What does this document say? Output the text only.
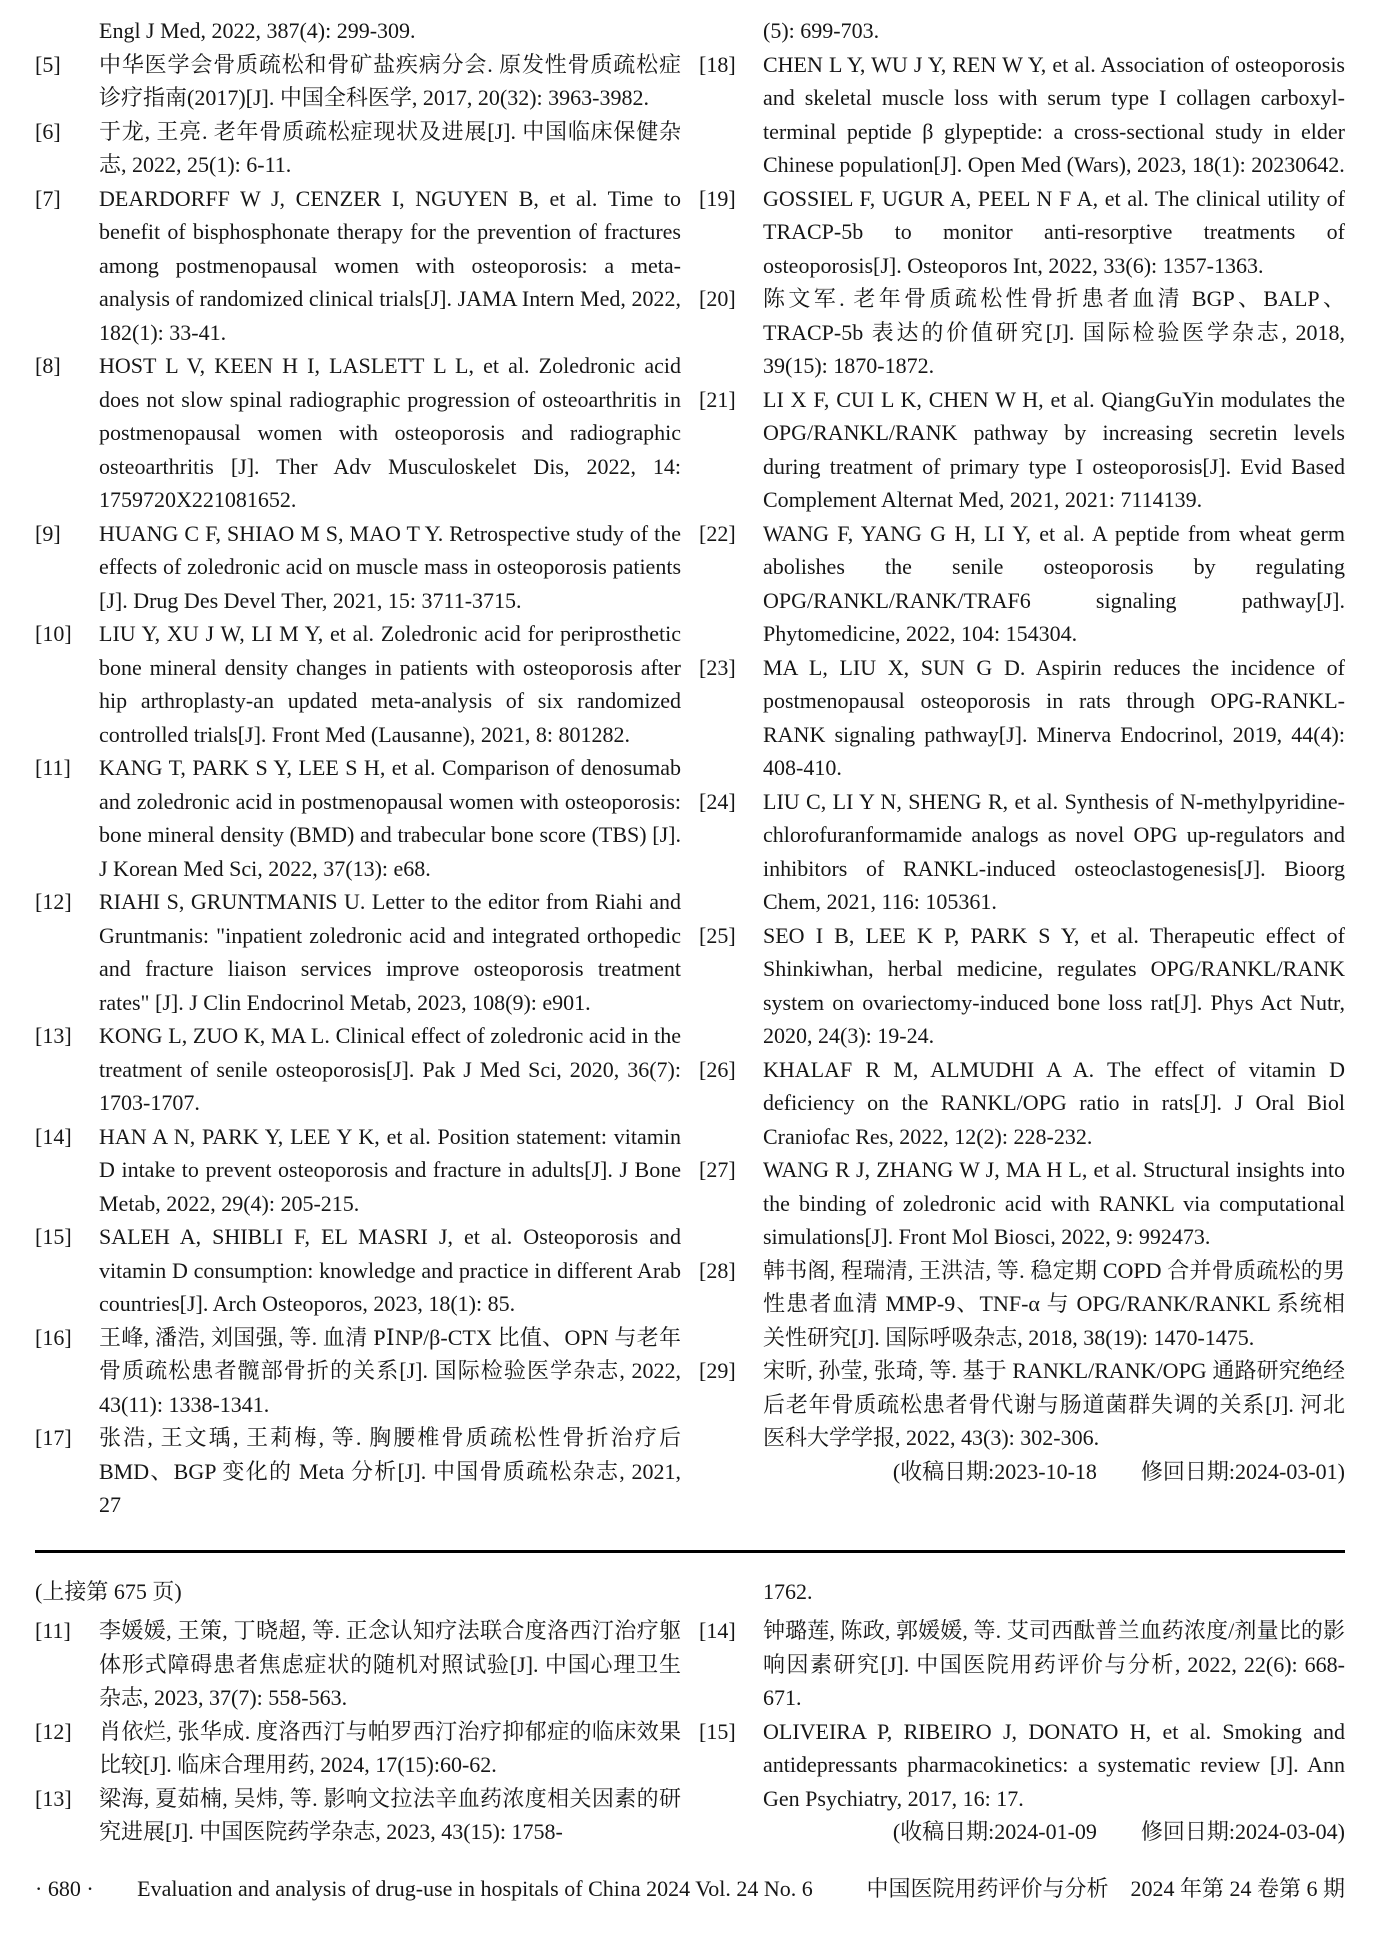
Engl J Med, 2022, 387(4): 299-309.
[5]	中华医学会骨质疏松和骨矿盐疾病分会. 原发性骨质疏松症诊疗指南(2017)[J]. 中国全科医学, 2017, 20(32): 3963-3982.
[6]	于龙, 王亮. 老年骨质疏松症现状及进展[J]. 中国临床保健杂志, 2022, 25(1): 6-11.
[7]	DEARDORFF W J, CENZER I, NGUYEN B, et al. Time to benefit of bisphosphonate therapy for the prevention of fractures among postmenopausal women with osteoporosis: a meta-analysis of randomized clinical trials[J]. JAMA Intern Med, 2022, 182(1): 33-41.
[8]	HOST L V, KEEN H I, LASLETT L L, et al. Zoledronic acid does not slow spinal radiographic progression of osteoarthritis in postmenopausal women with osteoporosis and radiographic osteoarthritis [J]. Ther Adv Musculoskelet Dis, 2022, 14: 1759720X221081652.
[9]	HUANG C F, SHIAO M S, MAO T Y. Retrospective study of the effects of zoledronic acid on muscle mass in osteoporosis patients [J]. Drug Des Devel Ther, 2021, 15: 3711-3715.
[10]	LIU Y, XU J W, LI M Y, et al. Zoledronic acid for periprosthetic bone mineral density changes in patients with osteoporosis after hip arthroplasty-an updated meta-analysis of six randomized controlled trials[J]. Front Med (Lausanne), 2021, 8: 801282.
[11]	KANG T, PARK S Y, LEE S H, et al. Comparison of denosumab and zoledronic acid in postmenopausal women with osteoporosis: bone mineral density (BMD) and trabecular bone score (TBS) [J]. J Korean Med Sci, 2022, 37(13): e68.
[12]	RIAHI S, GRUNTMANIS U. Letter to the editor from Riahi and Gruntmanis: "inpatient zoledronic acid and integrated orthopedic and fracture liaison services improve osteoporosis treatment rates" [J]. J Clin Endocrinol Metab, 2023, 108(9): e901.
[13]	KONG L, ZUO K, MA L. Clinical effect of zoledronic acid in the treatment of senile osteoporosis[J]. Pak J Med Sci, 2020, 36(7): 1703-1707.
[14]	HAN A N, PARK Y, LEE Y K, et al. Position statement: vitamin D intake to prevent osteoporosis and fracture in adults[J]. J Bone Metab, 2022, 29(4): 205-215.
[15]	SALEH A, SHIBLI F, EL MASRI J, et al. Osteoporosis and vitamin D consumption: knowledge and practice in different Arab countries[J]. Arch Osteoporos, 2023, 18(1): 85.
[16]	王峰, 潘浩, 刘国强, 等. 血清 PⅠNP/β-CTX 比值、OPN 与老年骨质疏松患者髋部骨折的关系[J]. 国际检验医学杂志, 2022, 43(11): 1338-1341.
[17]	张浩, 王文瑀, 王莉梅, 等. 胸腰椎骨质疏松性骨折治疗后 BMD、BGP 变化的 Meta 分析[J]. 中国骨质疏松杂志, 2021, 27
(5): 699-703.
[18]	CHEN L Y, WU J Y, REN W Y, et al. Association of osteoporosis and skeletal muscle loss with serum type I collagen carboxyl-terminal peptide β glypeptide: a cross-sectional study in elder Chinese population[J]. Open Med (Wars), 2023, 18(1): 20230642.
[19]	GOSSIEL F, UGUR A, PEEL N F A, et al. The clinical utility of TRACP-5b to monitor anti-resorptive treatments of osteoporosis[J]. Osteoporos Int, 2022, 33(6): 1357-1363.
[20]	陈文军. 老年骨质疏松性骨折患者血清 BGP、BALP、TRACP-5b 表达的价值研究[J]. 国际检验医学杂志, 2018, 39(15): 1870-1872.
[21]	LI X F, CUI L K, CHEN W H, et al. QiangGuYin modulates the OPG/RANKL/RANK pathway by increasing secretin levels during treatment of primary type I osteoporosis[J]. Evid Based Complement Alternat Med, 2021, 2021: 7114139.
[22]	WANG F, YANG G H, LI Y, et al. A peptide from wheat germ abolishes the senile osteoporosis by regulating OPG/RANKL/RANK/TRAF6 signaling pathway[J]. Phytomedicine, 2022, 104: 154304.
[23]	MA L, LIU X, SUN G D. Aspirin reduces the incidence of postmenopausal osteoporosis in rats through OPG-RANKL-RANK signaling pathway[J]. Minerva Endocrinol, 2019, 44(4): 408-410.
[24]	LIU C, LI Y N, SHENG R, et al. Synthesis of N-methylpyridine-chlorofuranformamide analogs as novel OPG up-regulators and inhibitors of RANKL-induced osteoclastogenesis[J]. Bioorg Chem, 2021, 116: 105361.
[25]	SEO I B, LEE K P, PARK S Y, et al. Therapeutic effect of Shinkiwhan, herbal medicine, regulates OPG/RANKL/RANK system on ovariectomy-induced bone loss rat[J]. Phys Act Nutr, 2020, 24(3): 19-24.
[26]	KHALAF R M, ALMUDHI A A. The effect of vitamin D deficiency on the RANKL/OPG ratio in rats[J]. J Oral Biol Craniofac Res, 2022, 12(2): 228-232.
[27]	WANG R J, ZHANG W J, MA H L, et al. Structural insights into the binding of zoledronic acid with RANKL via computational simulations[J]. Front Mol Biosci, 2022, 9: 992473.
[28]	韩书阁, 程瑞清, 王洪洁, 等. 稳定期 COPD 合并骨质疏松的男性患者血清 MMP-9、TNF-α 与 OPG/RANK/RANKL 系统相关性研究[J]. 国际呼吸杂志, 2018, 38(19): 1470-1475.
[29]	宋昕, 孙莹, 张琦, 等. 基于 RANKL/RANK/OPG 通路研究绝经后老年骨质疏松患者骨代谢与肠道菌群失调的关系[J]. 河北医科大学学报, 2022, 43(3): 302-306.
(收稿日期:2023-10-18　　修回日期:2024-03-01)
(上接第 675 页)
[11]	李媛媛, 王策, 丁晓超, 等. 正念认知疗法联合度洛西汀治疗躯体形式障碍患者焦虑症状的随机对照试验[J]. 中国心理卫生杂志, 2023, 37(7): 558-563.
[12]	肖依烂, 张华成. 度洛西汀与帕罗西汀治疗抑郁症的临床效果比较[J]. 临床合理用药, 2024, 17(15):60-62.
[13]	梁海, 夏茹楠, 吴炜, 等. 影响文拉法辛血药浓度相关因素的研究进展[J]. 中国医院药学杂志, 2023, 43(15): 1758-
1762.
[14]	钟璐莲, 陈政, 郭媛媛, 等. 艾司西酞普兰血药浓度/剂量比的影响因素研究[J]. 中国医院用药评价与分析, 2022, 22(6): 668-671.
[15]	OLIVEIRA P, RIBEIRO J, DONATO H, et al. Smoking and antidepressants pharmacokinetics: a systematic review [J]. Ann Gen Psychiatry, 2017, 16: 17.
(收稿日期:2024-01-09　　修回日期:2024-03-04)
· 680 · Evaluation and analysis of drug-use in hospitals of China 2024 Vol. 24 No. 6 中国医院用药评价与分析　2024 年第 24 卷第 6 期
